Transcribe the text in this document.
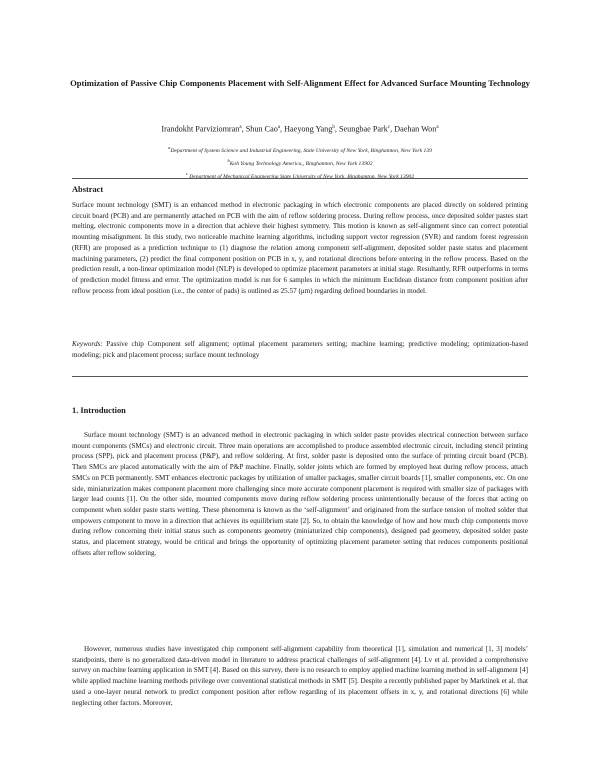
Optimization of Passive Chip Components Placement with Self-Alignment Effect for Advanced Surface Mounting Technology
Irandokht Parviziomran$^a$, Shun Cao$^a$, Haeyong Yang$^b$, Seungbae Park$^c$, Daehan Won$^a$
$^a$Department of System Science and Industrial Engineering, State University of New York, Binghamton, New York 139
$^b$Koh Young Technology America,, Binghamton, New York 13902
$^c$ Department of Mechanical Engineering State University of New York, Binghamton, New York 13902
Abstract

Surface mount technology (SMT) is an enhanced method in electronic packaging in which electronic components are placed directly on soldered printing circuit board (PCB) and are permanently attached on PCB with the aim of reflow soldering process. During reflow process, once deposited solder pastes start melting, electronic components move in a direction that achieve their highest symmetry. This motion is known as self-alignment since can correct potential mounting misalignment. In this study, two noticeable machine learning algorithms, including support vector regression (SVR) and random forest regression (RFR) are proposed as a prediction technique to (1) diagnose the relation among component self-alignment, deposited solder paste status and placement machining parameters, (2) predict the final component position on PCB in x, y, and rotational directions before entering in the reflow process. Based on the prediction result, a non-linear optimization model (NLP) is developed to optimize placement parameters at initial stage. Resultantly, RFR outperforms in terms of prediction model fitness and error. The optimization model is run for 6 samples in which the minimum Euclidean distance from component position after reflow process from ideal position (i.e., the center of pads) is outlined as 25.57 (μm) regarding defined boundaries in model.

Keywords: Passive chip Component self alignment; optimal placement parameters setting; machine learning; predictive modeling; optimization-based modeling; pick and placement process; surface mount technology

1. Introduction

Surface mount technology (SMT) is an advanced method in electronic packaging in which solder paste provides electrical connection between surface mount components (SMCs) and electronic circuit. Three main operations are accomplished to produce assembled electronic circuit, including stencil printing process (SPP), pick and placement process (P&P), and reflow soldering. At first, solder paste is deposited onto the surface of printing circuit board (PCB). Then SMCs are placed automatically with the aim of P&P machine. Finally, solder joints which are formed by employed heat during reflow process, attach SMCs on PCB permanently. SMT enhances electronic packages by utilization of smaller packages, smaller circuit boards [1], smaller components, etc. On one side, miniaturization makes component placement more challenging since more accurate component placement is required with smaller size of packages with larger lead counts [1]. On the other side, mounted components move during reflow soldering process unintentionally because of the forces that acting on component when solder paste starts wetting. These phenomena is known as the ‘self-alignment’ and originated from the surface tension of molted solder that empowers component to move in a direction that achieves its equilibrium state [2]. So, to obtain the knowledge of how and how much chip components move during reflow concerning their initial status such as components geometry (miniaturized chip components), designed pad geometry, deposited solder paste status, and placement strategy, would be critical and brings the opportunity of optimizing placement parameter setting that reduces components positional offsets after reflow soldering.

However, numerous studies have investigated chip component self-alignment capability from theoretical [1], simulation and numerical [1, 3] models’ standpoints, there is no generalized data-driven model in literature to address practical challenges of self-alignment [4]. Lv et al. provided a comprehensive survey on machine learning application in SMT [4]. Based on this survey, there is no research to employ applied machine learning method in self-alignment [4] while applied machine learning methods privilege over conventional statistical methods in SMT [5]. Despite a recently published paper by Marktinek et al. that used a one-layer neural network to predict component position after reflow regarding of its placement offsets in x, y, and rotational directions [6] while neglecting other factors. Moreover,
